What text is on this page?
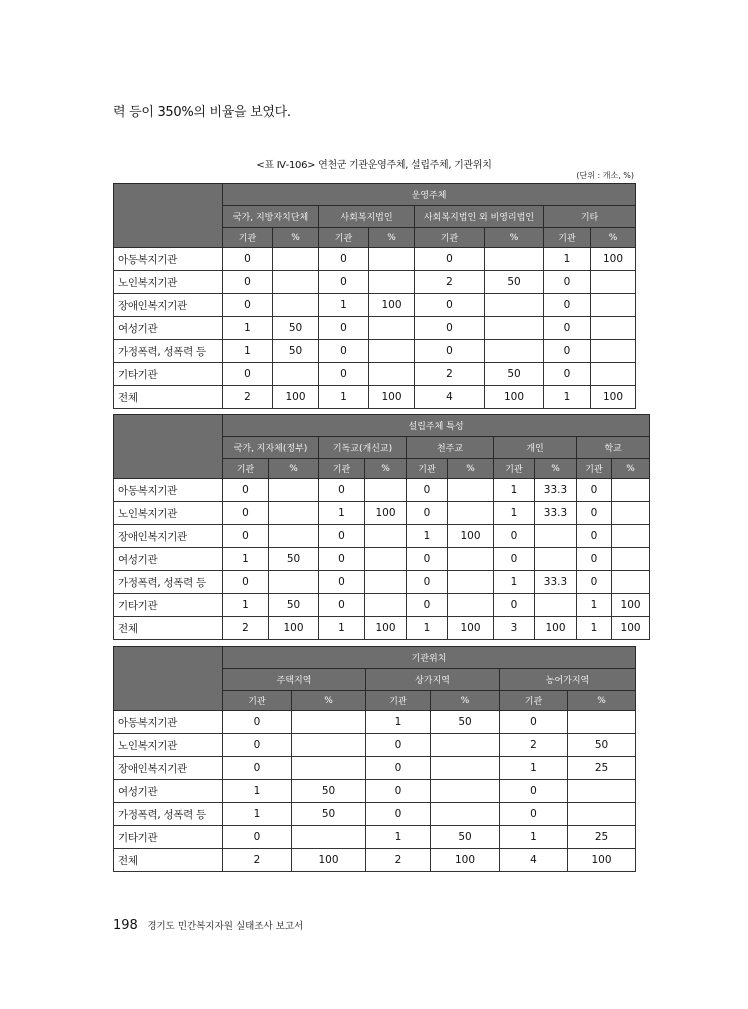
력 등이 350%의 비율을 보였다.
<표 Ⅳ-106> 연천군 기관운영주체, 설립주체, 기관위치
(단위 : 개소, %)
	운영주체							
	국가, 지방자치단체		사회복지법인		사회복지법인 외 비영리법인		기타	
	기관	%	기관	%	기관	%	기관	%
아동복지기관	0		0		0		1	100
노인복지기관	0		0		2	50	0	
장애인복지기관	0		1	100	0		0	
여성기관	1	50	0		0		0	
가정폭력, 성폭력 등	1	50	0		0		0	
기타기관	0		0		2	50	0	
전체	2	100	1	100	4	100	1	100
	설립주체 특성									
	국가, 지자체(정부)		기독교(개신교)		천주교		개인		학교	
	기관	%	기관	%	기관	%	기관	%	기관	%
아동복지기관	0		0		0		1	33.3	0	
노인복지기관	0		1	100	0		1	33.3	0	
장애인복지기관	0		0		1	100	0		0	
여성기관	1	50	0		0		0		0	
가정폭력, 성폭력 등	0		0		0		1	33.3	0	
기타기관	1	50	0		0		0		1	100
전체	2	100	1	100	1	100	3	100	1	100
	기관위치					
	주택지역		상가지역		농어가지역	
	기관	%	기관	%	기관	%
아동복지기관	0		1	50	0	
노인복지기관	0		0		2	50
장애인복지기관	0		0		1	25
여성기관	1	50	0		0	
가정폭력, 성폭력 등	1	50	0		0	
기타기관	0		1	50	1	25
전체	2	100	2	100	4	100
198 경기도 민간복지자원 실태조사 보고서
